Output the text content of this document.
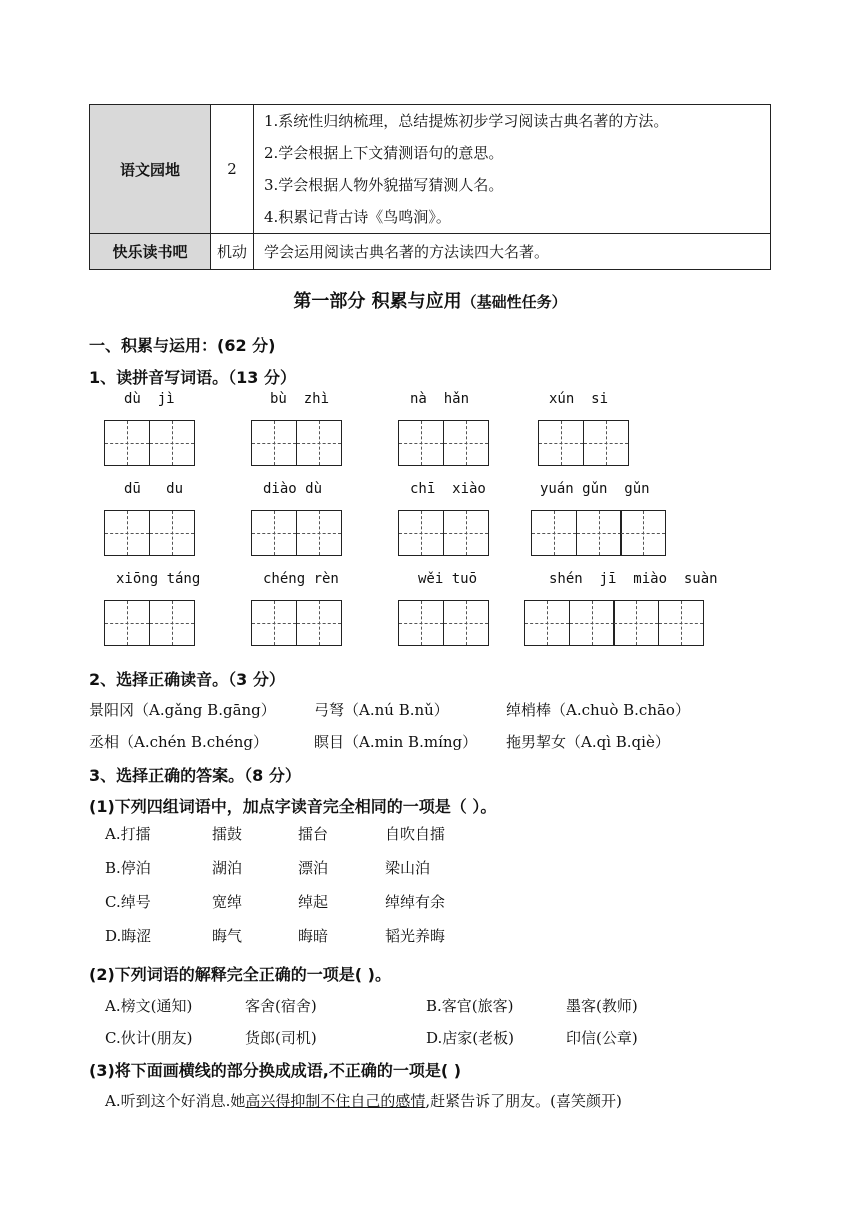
语文园地	2	1.系统性归纳梳理，总结提炼初步学习阅读古典名著的方法。
2.学会根据上下文猜测语句的意思。
3.学会根据人物外貌描写猜测人名。
4.积累记背古诗《鸟鸣涧》。

快乐读书吧	机动	学会运用阅读古典名著的方法读四大名著。
第一部分 积累与应用（基础性任务）
一、积累与运用：(62 分)
1、读拼音写词语。（13 分）
dù  jì	bù  zhì	nà  hǎn	xún  si
dū   du	diào dù	chī  xiào	yuán gǔn  gǔn
xiōng táng	chéng rèn	wěi tuō	shén  jī  miào  suàn
2、选择正确读音。（3 分）
景阳冈（A.gǎng B.gāng）	弓弩（A.nú B.nǔ）	绰梢棒（A.chuò B.chāo）
丞相（A.chén B.chéng）	瞑目（A.min B.míng） 拖男挈女（A.qì B.qiè）
3、选择正确的答案。（8 分）
(1)下列四组词语中，加点字读音完全相同的一项是（ ）。
A.打擂	擂鼓	擂台	自吹自擂
B.停泊	湖泊	漂泊	梁山泊
C.绰号	宽绰	绰起	绰绰有余
D.晦涩	晦气	晦暗	韬光养晦
(2)下列词语的解释完全正确的一项是( )。
A.榜文(通知)	客舍(宿舍)	B.客官(旅客)	墨客(教师)
C.伙计(朋友)	货郎(司机)	D.店家(老板)	印信(公章)
(3)将下面画横线的部分换成成语,不正确的一项是( )
A.听到这个好消息.她高兴得抑制不住自己的感情,赶紧告诉了朋友。(喜笑颜开)
